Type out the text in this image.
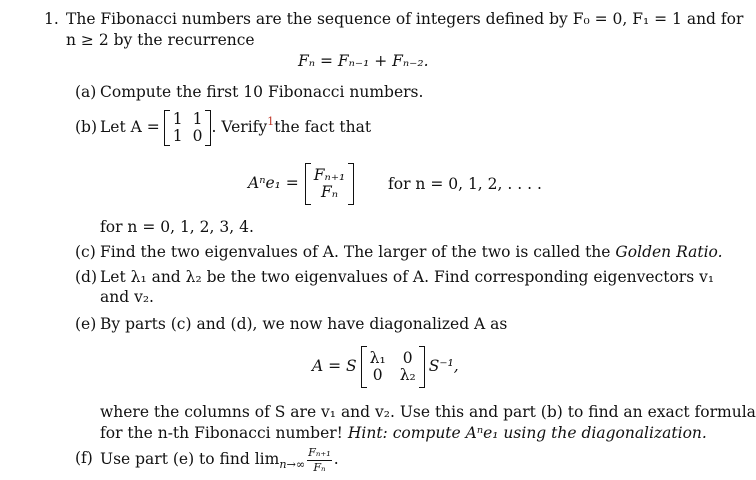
1. The Fibonacci numbers are the sequence of integers defined by F₀ = 0, F₁ = 1 and for
n ≥ 2 by the recurrence
Fₙ = Fₙ₋₁ + Fₙ₋₂.
(a) Compute the first 10 Fibonacci numbers.
(b) Let A = 1 1
1 0 . Verify$^1$ the fact that
Aⁿe₁ = Fₙ₊₁
Fₙ	for n = 0, 1, 2, . . . .
for n = 0, 1, 2, 3, 4.
(c) Find the two eigenvalues of A. The larger of the two is called the Golden Ratio.
(d) Let λ₁ and λ₂ be the two eigenvalues of A. Find corresponding eigenvectors v₁
and v₂.
(e) By parts (c) and (d), we now have diagonalized A as
A = S λ₁ 0
0 λ₂ S⁻¹,
where the columns of S are v₁ and v₂. Use this and part (b) to find an exact formula
for the n-th Fibonacci number! Hint: compute Aⁿe₁ using the diagonalization.
(f) Use part (e) to find $\lim_{n\to\infty} \frac{\text{Fₙ₊₁}}{\text{Fₙ}}$ .
